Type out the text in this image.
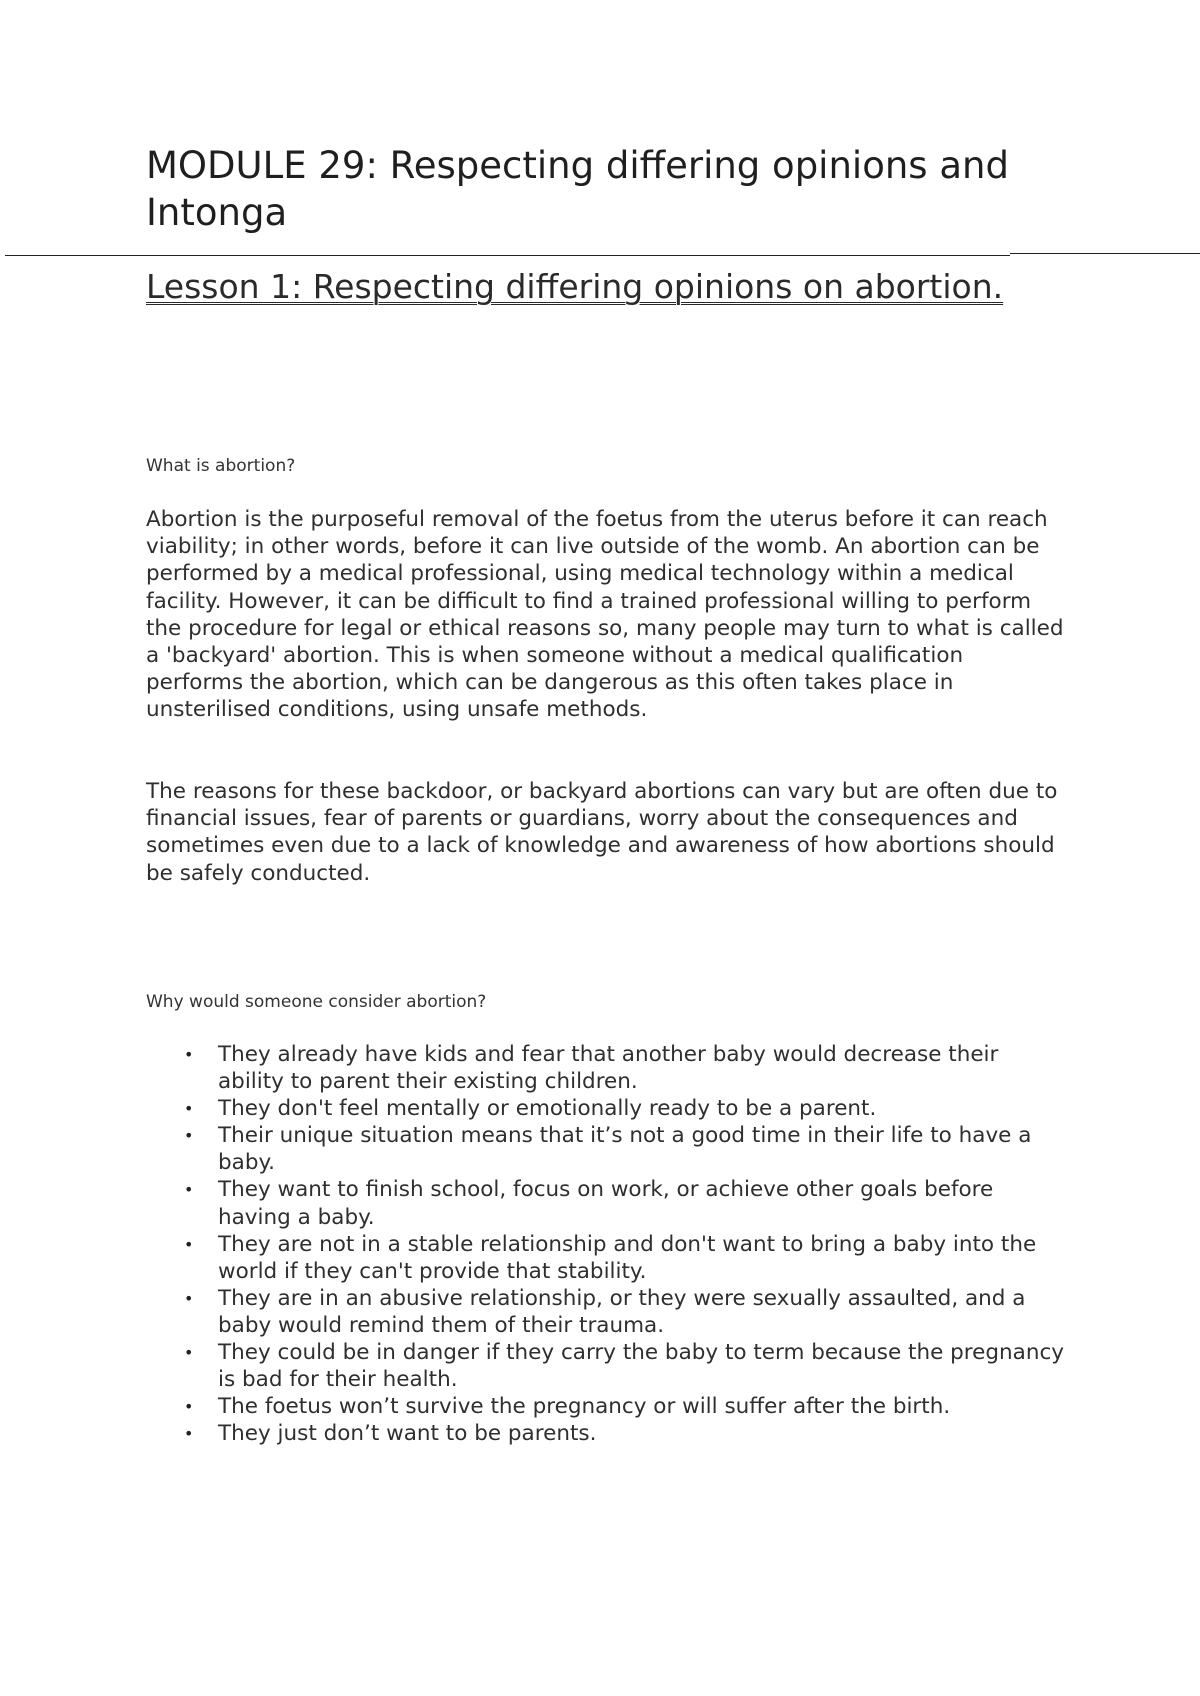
MODULE 29: Respecting differing opinions and Intonga
Lesson 1: Respecting differing opinions on abortion.

What is abortion?

Abortion is the purposeful removal of the foetus from the uterus before it can reach viability; in other words, before it can live outside of the womb. An abortion can be performed by a medical professional, using medical technology within a medical facility. However, it can be difficult to find a trained professional willing to perform the procedure for legal or ethical reasons so, many people may turn to what is called a 'backyard' abortion. This is when someone without a medical qualification performs the abortion, which can be dangerous as this often takes place in unsterilised conditions, using unsafe methods.

The reasons for these backdoor, or backyard abortions can vary but are often due to financial issues, fear of parents or guardians, worry about the consequences and sometimes even due to a lack of knowledge and awareness of how abortions should be safely conducted.

Why would someone consider abortion?

• They already have kids and fear that another baby would decrease their ability to parent their existing children.
• They don't feel mentally or emotionally ready to be a parent.
• Their unique situation means that it’s not a good time in their life to have a baby.
• They want to finish school, focus on work, or achieve other goals before having a baby.
• They are not in a stable relationship and don't want to bring a baby into the world if they can't provide that stability.
• They are in an abusive relationship, or they were sexually assaulted, and a baby would remind them of their trauma.
• They could be in danger if they carry the baby to term because the pregnancy is bad for their health.
• The foetus won’t survive the pregnancy or will suffer after the birth.
• They just don’t want to be parents.
